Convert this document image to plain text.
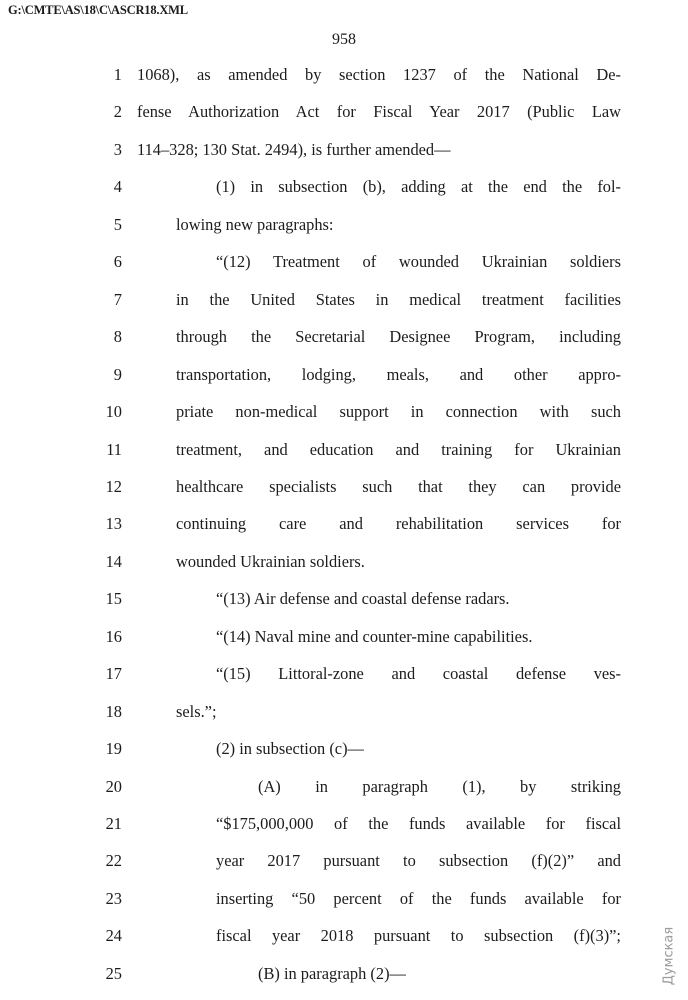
G:\CMTE\AS\18\C\ASCR18.XML
958
1 1068), as amended by section 1237 of the National De-
2 fense Authorization Act for Fiscal Year 2017 (Public Law
3 114–328; 130 Stat. 2494), is further amended—
4	(1) in subsection (b), adding at the end the fol-
5	lowing new paragraphs:
6	“(12) Treatment of wounded Ukrainian soldiers
7	in the United States in medical treatment facilities
8	through the Secretarial Designee Program, including
9	transportation, lodging, meals, and other appro-
10	priate non-medical support in connection with such
11	treatment, and education and training for Ukrainian
12	healthcare specialists such that they can provide
13	continuing care and rehabilitation services for
14	wounded Ukrainian soldiers.
15	“(13) Air defense and coastal defense radars.
16	“(14) Naval mine and counter-mine capabilities.
17	“(15) Littoral-zone and coastal defense ves-
18	sels.”;
19	(2) in subsection (c)—
20	(A) in paragraph (1), by striking
21	“$175,000,000 of the funds available for fiscal
22	year 2017 pursuant to subsection (f)(2)” and
23	inserting “50 percent of the funds available for
24	fiscal year 2018 pursuant to subsection (f)(3)”;
25	(B) in paragraph (2)—	Думская
